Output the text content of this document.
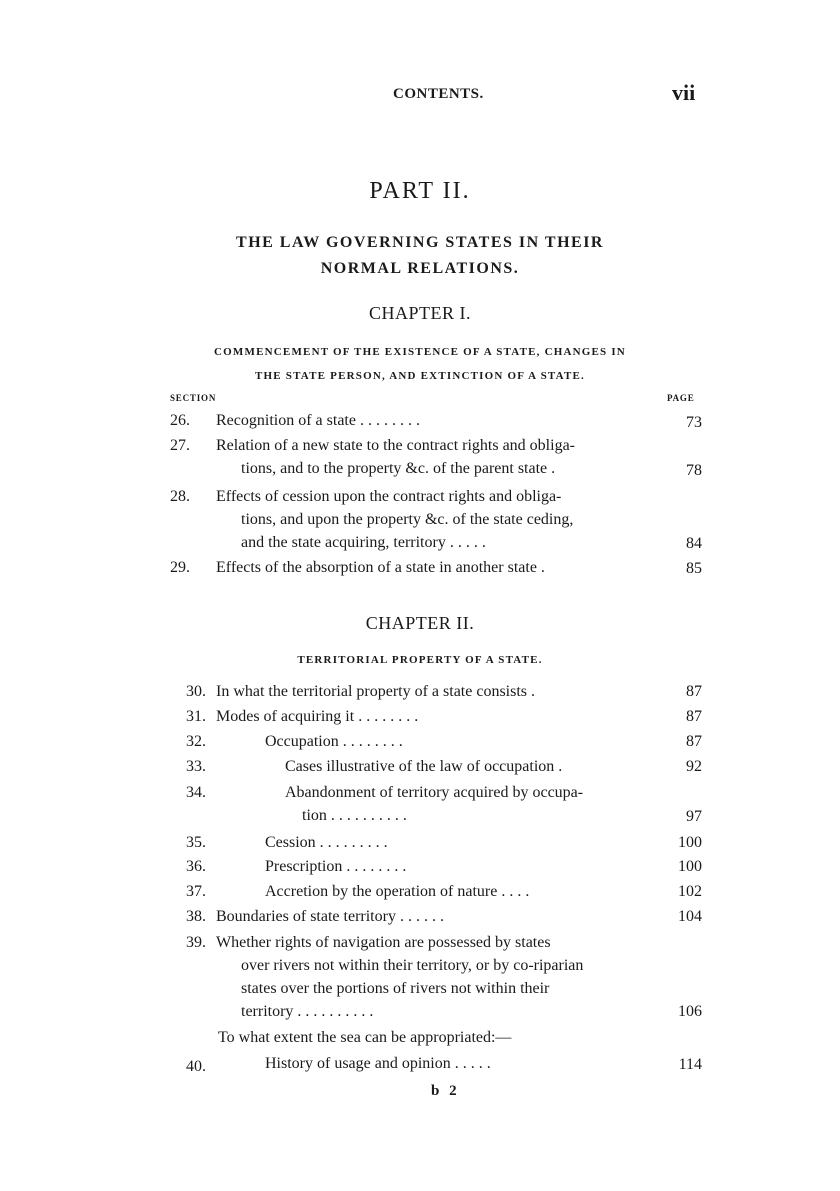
CONTENTS.	vii
PART II.
THE LAW GOVERNING STATES IN THEIR
NORMAL RELATIONS.
CHAPTER I.
COMMENCEMENT OF THE EXISTENCE OF A STATE, CHANGES IN
THE STATE PERSON, AND EXTINCTION OF A STATE.
SECTION	PAGE
26. Recognition of a state . . . . . . . .	73
27. Relation of a new state to the contract rights and obliga-
tions, and to the property &c. of the parent state .	78
28. Effects of cession upon the contract rights and obliga-
tions, and upon the property &c. of the state ceding,
and the state acquiring, territory . . . . .	84
29. Effects of the absorption of a state in another state .	85
CHAPTER II.
TERRITORIAL PROPERTY OF A STATE.
30. In what the territorial property of a state consists .	87
31. Modes of acquiring it . . . . . . . .	87
32.	Occupation . . . . . . . .	87
33.	Cases illustrative of the law of occupation .	92
34.	Abandonment of territory acquired by occupa-
tion . . . . . . . . . .	97
35.	Cession . . . . . . . . .	100
36.	Prescription . . . . . . . .	100
37.	Accretion by the operation of nature . . . .	102
38. Boundaries of state territory . . . . . .	104
39. Whether rights of navigation are possessed by states
over rivers not within their territory, or by co-riparian
states over the portions of rivers not within their
territory . . . . . . . . . .	106
To what extent the sea can be appropriated:—
40.	History of usage and opinion . . . . .	114
b 2
